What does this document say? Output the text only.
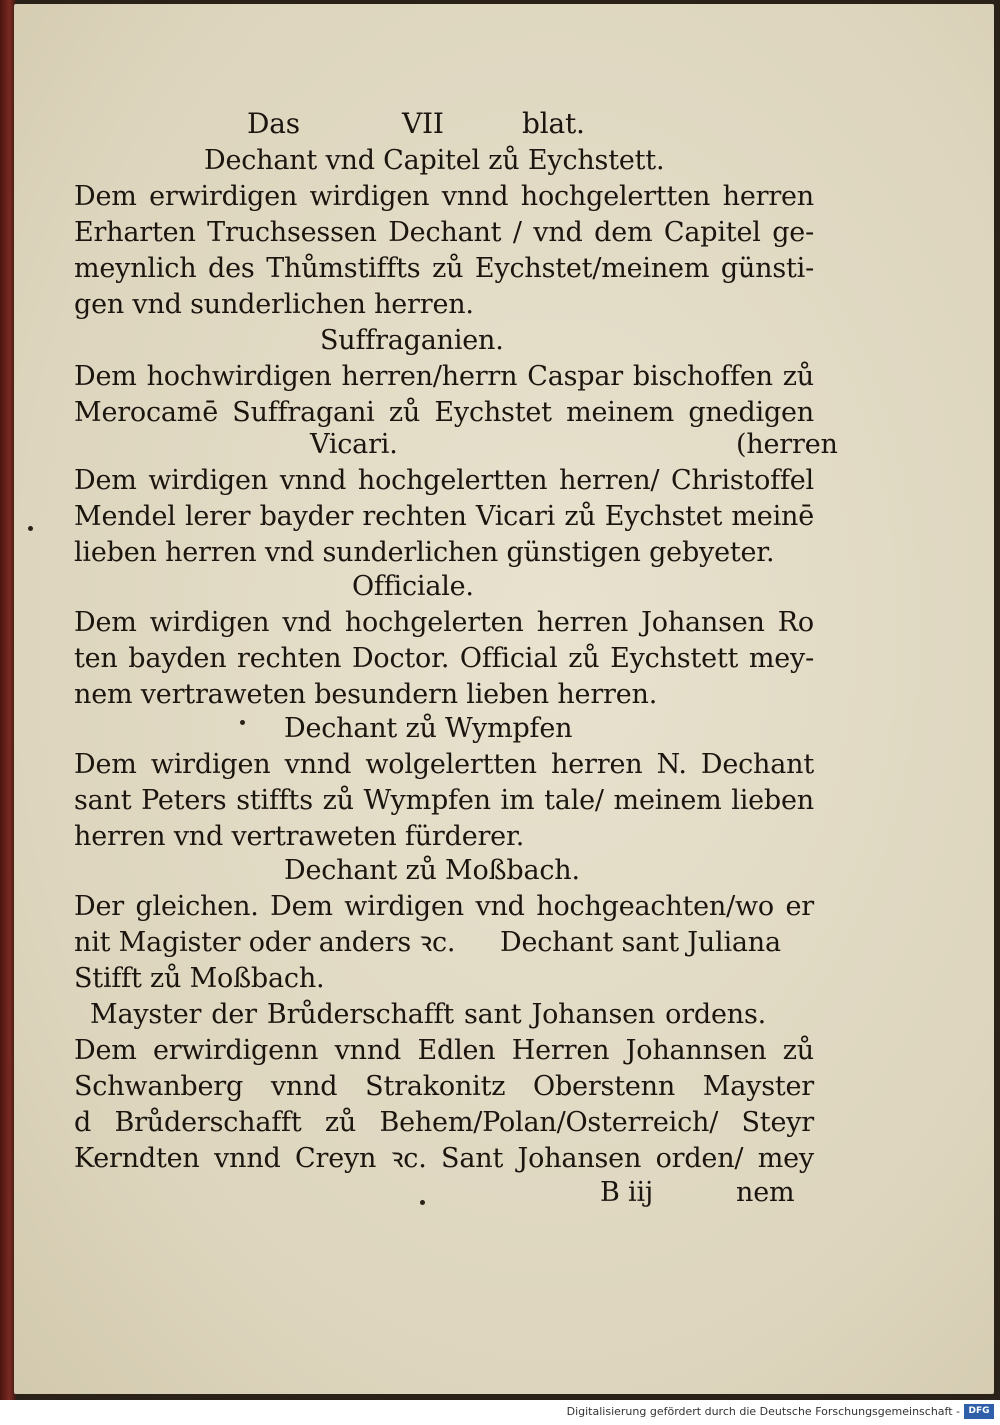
Das	VII	blat.
Dechant vnd Capitel zů Eychstett.
Dem erwirdigen wirdigen vnnd hochgelertten herren
Erharten Truchsessen Dechant / vnd dem Capitel ge-
meynlich des Thůmstiffts zů Eychstet/meinem günsti-
gen vnd sunderlichen herren.
Suffraganien.
Dem hochwirdigen herren/herrn Caspar bischoffen zů
Merocamē Suffragani zů Eychstet meinem gnedigen
Vicari.	(herren
Dem wirdigen vnnd hochgelertten herren/ Christoffel
Mendel lerer bayder rechten Vicari zů Eychstet meinē
lieben herren vnd sunderlichen günstigen gebyeter.
Officiale.
Dem wirdigen vnd hochgelerten herren Johansen Ro
ten bayden rechten Doctor. Official zů Eychstett mey-
nem vertraweten besundern lieben herren.
Dechant zů Wympfen
Dem wirdigen vnnd wolgelertten herren N. Dechant
sant Peters stiffts zů Wympfen im tale/ meinem lieben
herren vnd vertraweten fürderer.
Dechant zů Moßbach.
Der gleichen. Dem wirdigen vnd hochgeachten/wo er
nit Magister oder anders ꝛc. Dechant sant Juliana
Stifft zů Moßbach.
Mayster der Brůderschafft sant Johansen ordens.
Dem erwirdigenn vnnd Edlen Herren Johannsen zů
Schwanberg vnnd Strakonitz Oberstenn Mayster
d Brůderschafft zů Behem/Polan/Osterreich/ Steyr
Kerndten vnnd Creyn ꝛc. Sant Johansen orden/ mey
B iij	nem
Digitalisierung gefördert durch die Deutsche Forschungsgemeinschaft - DFG
